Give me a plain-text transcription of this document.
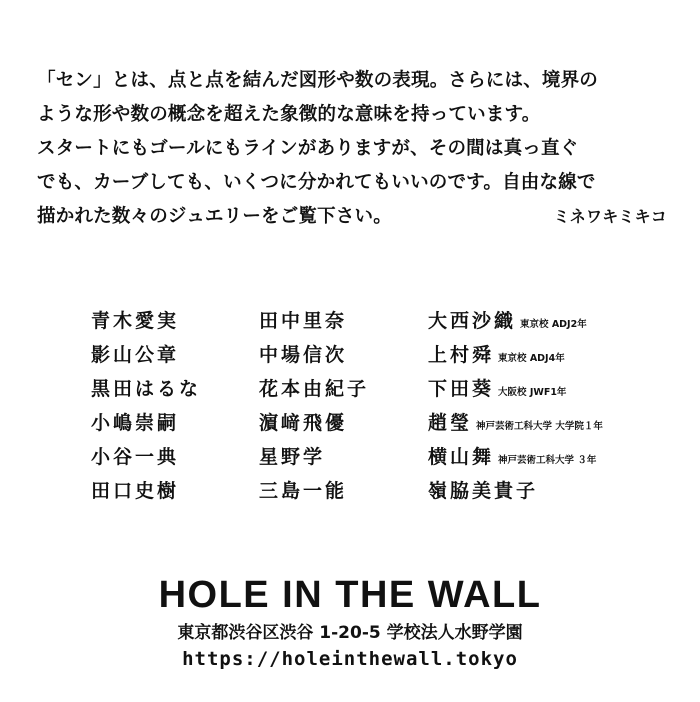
「セン」とは、点と点を結んだ図形や数の表現。さらには、境界の
ような形や数の概念を超えた象徴的な意味を持っています。
スタートにもゴールにもラインがありますが、その間は真っ直ぐ
でも、カーブしても、いくつに分かれてもいいのです。自由な線で
描かれた数々のジュエリーをご覧下さい。	ミネワキミキコ
青木愛実
影山公章
黒田はるな
小嶋崇嗣
小谷一典
田口史樹
田中里奈
中場信次
花本由紀子
濵﨑飛優
星野学
三島一能
大西沙織 東京校 ADJ2年
上村舜 東京校 ADJ4年
下田葵 大阪校 JWF1年
趙瑩 神戸芸術工科大学 大学院１年
横山舞 神戸芸術工科大学 ３年
嶺脇美貴子
HOLE IN THE WALL
東京都渋谷区渋谷 1-20-5 学校法人水野学園
https://holeinthewall.tokyo
